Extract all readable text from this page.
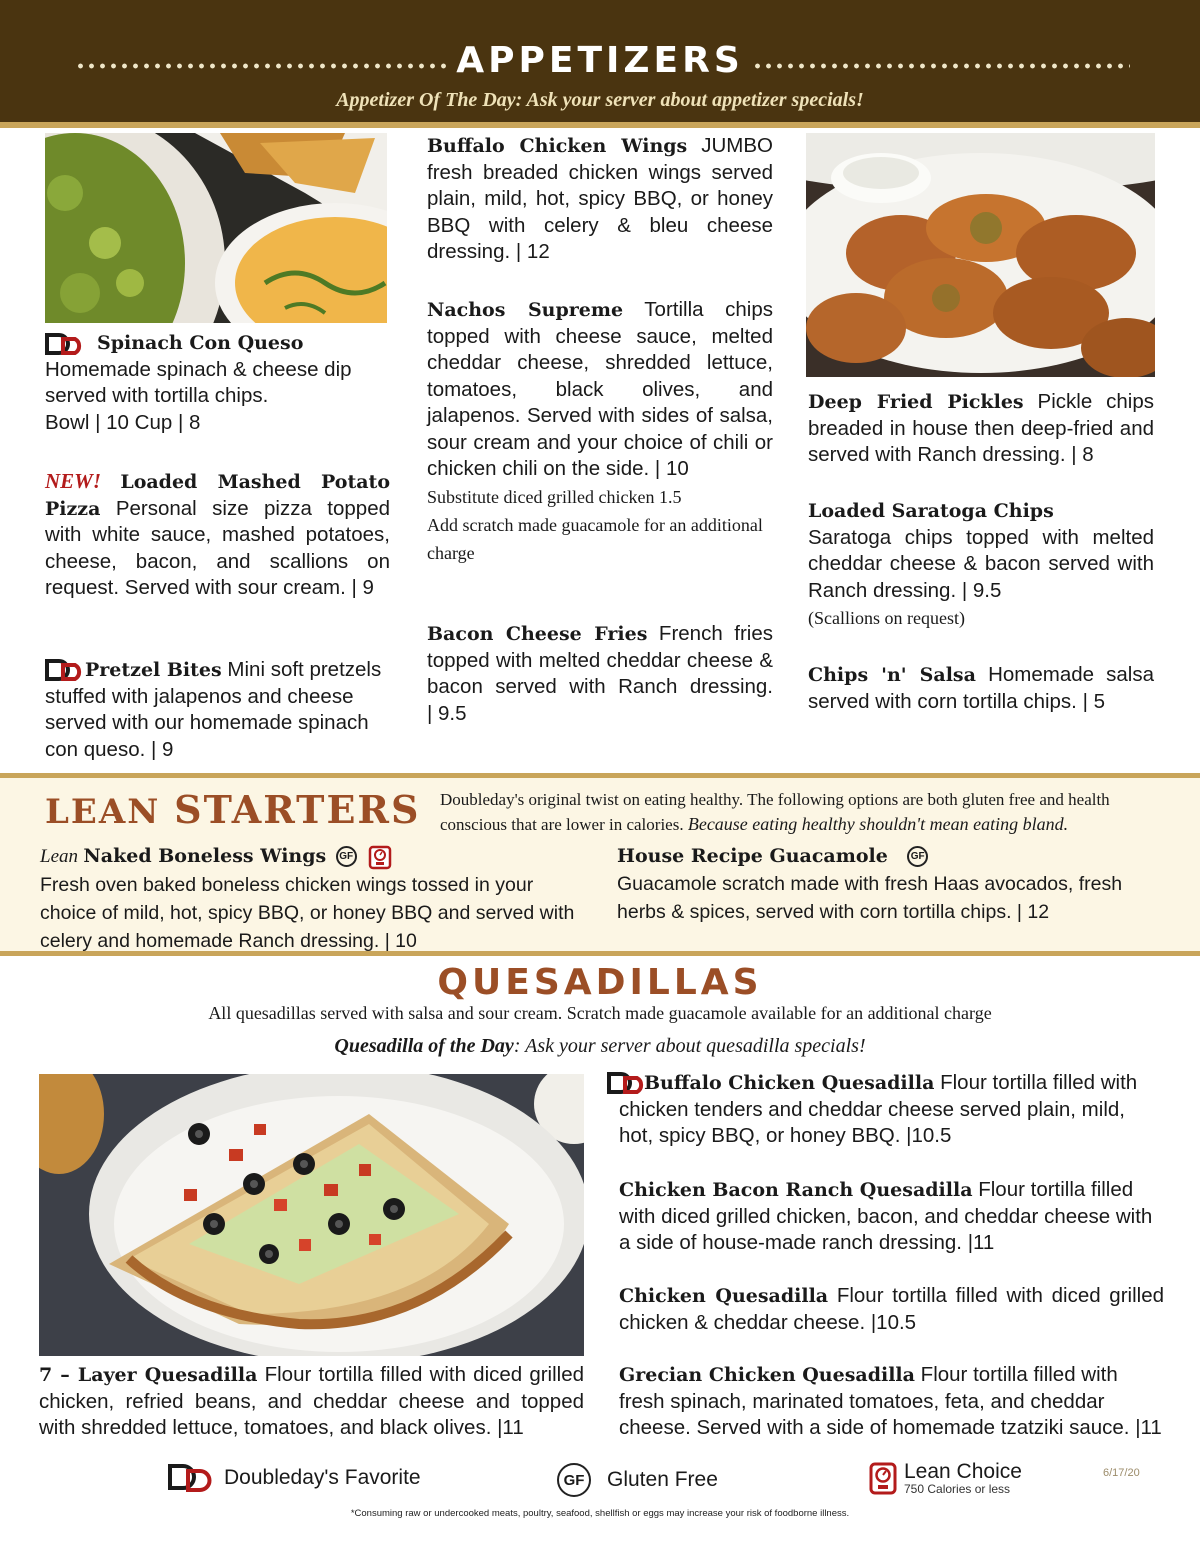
APPETIZERS
Appetizer Of The Day: Ask your server about appetizer specials!
Spinach Con Queso
Homemade spinach & cheese dip served with tortilla chips.
Bowl | 10 Cup | 8
NEW! Loaded Mashed Potato Pizza Personal size pizza topped with white sauce, mashed potatoes, cheese, bacon, and scallions on request. Served with sour cream. | 9
Pretzel Bites Mini soft pretzels stuffed with jalapenos and cheese served with our homemade spinach con queso. | 9
Buffalo Chicken Wings JUMBO fresh breaded chicken wings served plain, mild, hot, spicy BBQ, or honey BBQ with celery & bleu cheese dressing. | 12
Nachos Supreme Tortilla chips topped with cheese sauce, melted cheddar cheese, shredded lettuce, tomatoes, black olives, and jalapenos. Served with sides of salsa, sour cream and your choice of chili or chicken chili on the side. | 10
Substitute diced grilled chicken 1.5
Add scratch made guacamole for an additional charge
Bacon Cheese Fries French fries topped with melted cheddar cheese & bacon served with Ranch dressing. | 9.5
Deep Fried Pickles Pickle chips breaded in house then deep-fried and served with Ranch dressing. | 8
Loaded Saratoga Chips
Saratoga chips topped with melted cheddar cheese & bacon served with Ranch dressing. | 9.5
(Scallions on request)
Chips 'n' Salsa Homemade salsa served with corn tortilla chips. | 5
LEAN STARTERS Doubleday's original twist on eating healthy. The following options are both gluten free and health conscious that are lower in calories. Because eating healthy shouldn't mean eating bland.
Lean Naked Boneless Wings GF
Fresh oven baked boneless chicken wings tossed in your choice of mild, hot, spicy BBQ, or honey BBQ and served with celery and homemade Ranch dressing. | 10
House Recipe Guacamole GF
Guacamole scratch made with fresh Haas avocados, fresh herbs & spices, served with corn tortilla chips. | 12
QUESADILLAS
All quesadillas served with salsa and sour cream. Scratch made guacamole available for an additional charge
Quesadilla of the Day: Ask your server about quesadilla specials!
7 – Layer Quesadilla Flour tortilla filled with diced grilled chicken, refried beans, and cheddar cheese and topped with shredded lettuce, tomatoes, and black olives. |11
Buffalo Chicken Quesadilla Flour tortilla filled with chicken tenders and cheddar cheese served plain, mild, hot, spicy BBQ, or honey BBQ. |10.5
Chicken Bacon Ranch Quesadilla Flour tortilla filled with diced grilled chicken, bacon, and cheddar cheese with a side of house-made ranch dressing. |11
Chicken Quesadilla Flour tortilla filled with diced grilled chicken & cheddar cheese. |10.5
Grecian Chicken Quesadilla Flour tortilla filled with fresh spinach, marinated tomatoes, feta, and cheddar cheese. Served with a side of homemade tzatziki sauce. |11
Doubleday's Favorite	GF	Gluten Free	Lean Choice
750 Calories or less
6/17/20
*Consuming raw or undercooked meats, poultry, seafood, shellfish or eggs may increase your risk of foodborne illness.
